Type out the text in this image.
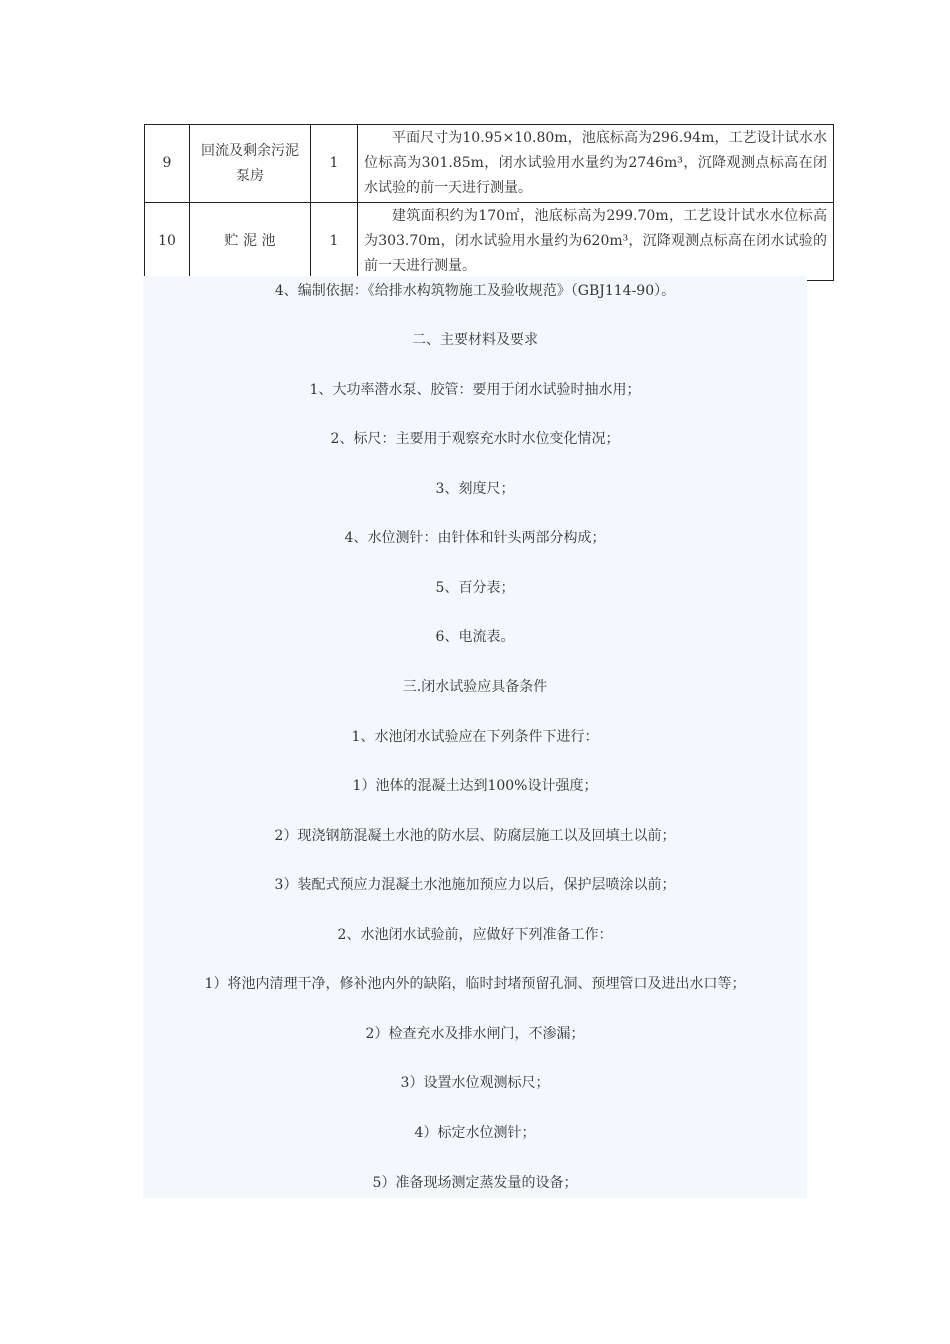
9	回流及剩余污泥泵房	1	平面尺寸为10.95×10.80m，池底标高为296.94m，工艺设计试水水位标高为301.85m，闭水试验用水量约为2746m³，沉降观测点标高在闭水试验的前一天进行测量。
10	贮 泥 池	1	建筑面积约为170㎡，池底标高为299.70m，工艺设计试水水位标高为303.70m，闭水试验用水量约为620m³，沉降观测点标高在闭水试验的前一天进行测量。
4、编制依据：《给排水构筑物施工及验收规范》（GBJ114-90）。
二、主要材料及要求
1、大功率潜水泵、胶管：要用于闭水试验时抽水用；
2、标尺：主要用于观察充水时水位变化情况；
3、刻度尺；
4、水位测针：由针体和针头两部分构成；
5、百分表；
6、电流表。
三.闭水试验应具备条件
1、水池闭水试验应在下列条件下进行：
1）池体的混凝土达到100%设计强度；
2）现浇钢筋混凝土水池的防水层、防腐层施工以及回填土以前；
3）装配式预应力混凝土水池施加预应力以后，保护层喷涂以前；
2、水池闭水试验前，应做好下列准备工作：
1）将池内清理干净，修补池内外的缺陷，临时封堵预留孔洞、预埋管口及进出水口等；
2）检查充水及排水闸门，不渗漏；
3）设置水位观测标尺；
4）标定水位测针；
5）准备现场测定蒸发量的设备；
